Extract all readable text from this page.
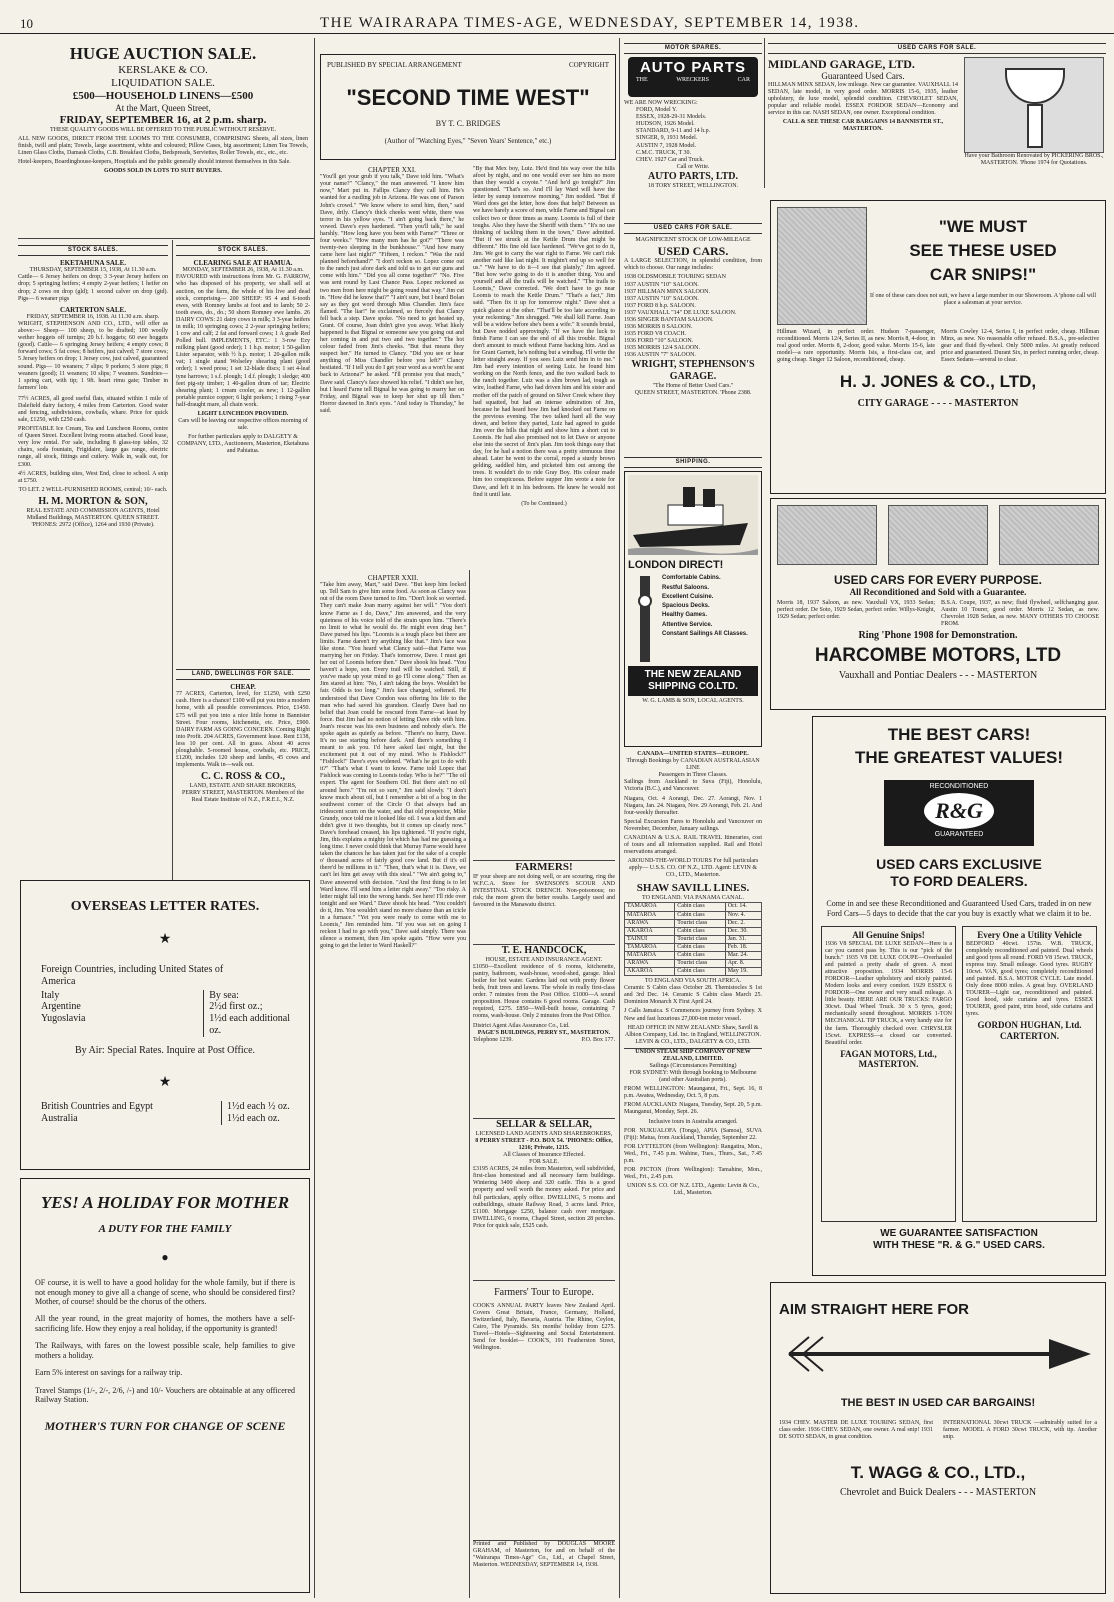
10	THE WAIRARAPA TIMES-AGE, WEDNESDAY, SEPTEMBER 14, 1938.
HUGE AUCTION SALE.
KERSLAKE & CO.
LIQUIDATION SALE.
£500—HOUSEHOLD LINENS—£500
At the Mart, Queen Street,
FRIDAY, SEPTEMBER 16, at 2 p.m. sharp.
THESE QUALITY GOODS WILL BE OFFERED TO THE PUBLIC WITHOUT RESERVE.

ALL NEW GOODS, DIRECT FROM THE LOOMS TO THE CONSUMER, COMPRISING Sheets, all sizes, linen finish, twill and plain; Towels, large assortment, white and coloured; Pillow Cases, big assortment; Linen Tea Towels, Linen Glass Cloths, Damask Cloths, C.B. Breakfast Cloths, Bedspreads, Serviettes, Roller Towels, etc., etc., etc.

Hotel-keepers, Boardinghouse-keepers, Hospitals and the public generally should interest themselves in this Sale.

GOODS SOLD IN LOTS TO SUIT BUYERS.
STOCK SALES.
EKETAHUNA SALE.
THURSDAY, SEPTEMBER 15, 1938, At 11.30 a.m.

Cattle— 6 Jersey heifers on drop; 3 3-year Jersey heifers on drop; 5 springing heifers; 4 empty 2-year heifers; 1 heifer on drop; 2 cows on drop (gld); 1 second calver on drop (gtd). Pigs— 6 weaner pigs

CARTERTON SALE.
FRIDAY, SEPTEMBER 16, 1938. At 11.30 a.m. sharp.

WRIGHT, STEPHENSON AND CO., LTD., will offer as above:— Sheep— 100 sheep, to be drafted; 100 woolly wether hoggets off turnips; 20 b.f. hoggets; 60 ewe hoggets (good). Cattle— 6 springing Jersey heifers; 4 empty cows; 8 forward cows; 5 fat cows; 8 heifers, just calved; 7 store cows; 5 Jersey heifers on drop; 1 Jersey cow, just calved, guaranteed sound. Pigs— 10 weaners; 7 slips; 9 porkers; 5 store pigs; 8 weaners (good); 11 weaners; 10 slips; 7 weaners. Sundries— 1 spring cart, with tip; 1 9ft. heart rimu gate; Timber in farmers' lots

77½ ACRES, all good useful flats, situated within 1 mile of Dalefield dairy factory, 4 miles from Carterton. Good water and fencing, subdivisions, cowbails, whare. Price for quick sale, £1250, with £250 cash.

PROFITABLE Ice Cream, Tea and Luncheon Rooms, centre of Queen Street. Excellent living rooms attached. Good lease, very low rental. For sale, including 8 glass-top tables, 32 chairs, soda fountain, Frigidaire, large gas range, electric range, all stock, fittings and cutlery. Walk in, walk out, for £300.

4½ ACRES, building sites, West End, close to school. A snip at £750.

TO LET. 2 WELL-FURNISHED ROOMS, central; 10/- each.

H. M. MORTON & SON,
REAL ESTATE AND COMMISSION AGENTS, Hotel Midland Buildings, MASTERTON. QUEEN STREET.
'PHONES: 2972 (Office), 1264 and 1930 (Private).
STOCK SALES.
CLEARING SALE AT HAMUA.
MONDAY, SEPTEMBER 26, 1938, At 11.30 a.m.

FAVOURED with instructions from Mr. G. FARROW, who has disposed of his property, we shall sell at auction, on the farm, the whole of his live and dead stock, comprising— 200 SHEEP: 95 4 and 6-tooth ewes, with Romney lambs at foot and to lamb; 50 2-tooth ewes, do., do.; 50 shorn Romney ewe lambs. 26 DAIRY COWS: 21 dairy cows in milk; 3 3-year heifers in milk; 10 springing cows; 2 2-year springing heifers; 1 cow and calf; 2 fat and forward cows; 1 A grade Red Polled bull. IMPLEMENTS, ETC.: 1 3-row Ezy milking plant (good order); 1 1 h.p. motor; 1 50-gallon Lister separator, with ½ h.p. motor; 1 20-gallon milk vat; 1 single stand Wolseley shearing plant (good order); 1 weed press; 1 set 12-blade discs; 1 set 4-leaf tyne harrows; 1 s.f. plough; 1 d.f. plough; 1 sledge; 400 feet pig-sty timber; 1 40-gallon drum of tar; Electric shearing plant; 1 cream cooler, as new; 1 12-gallon portable pumice copper; 6 light porkers; 1 rising 7-year half-draught mare, all chain work.

LIGHT LUNCHEON PROVIDED.

Cars will be leaving our respective offices morning of sale.

For further particulars apply to DALGETY & COMPANY, LTD., Auctioneers, Masterton, Eketahuna and Pahiatua.

LAND, DWELLINGS FOR SALE.
CHEAP.

77 ACRES, Carterton, level, for £1250, with £250 cash. Here is a chance! £100 will put you into a modern home, with all possible conveniences. Price, £1450. £75 will put you into a nice little home in Bannister Street. Four rooms, kitchenette, etc. Price, £900. DAIRY FARM AS GOING CONCERN. Coming Right into Profit. 204 ACRES, Government lease. Rent £138, less 10 per cent. All in grass. About 40 acres ploughable. 5-roomed house, cowbails, etc. PRICE, £1200, includes 120 sheep and lambs, 45 cows and implements. Walk in—walk out.

C. C. ROSS & CO.,
LAND, ESTATE AND SHARE BROKERS,
PERRY STREET, MASTERTON. Members of the Real Estate Institute of N.Z., F.R.E.I., N.Z.
OVERSEAS LETTER RATES.
★
Foreign Countries, including United States of America
Italy
Argentine
Yugoslavia
By sea:
2½d first oz.;
1½d each additional oz.
By Air: Special Rates. Inquire at Post Office.
★
British Countries and Egypt
Australia
1½d each ½ oz.
1½d each oz.
YES! A HOLIDAY FOR MOTHER
A DUTY FOR THE FAMILY
●

OF course, it is well to have a good holiday for the whole family, but if there is not enough money to give all a change of scene, who should be considered first? Mother, of course! should be the chorus of the others.

All the year round, in the great majority of homes, the mothers have a self-sacrificing life. How they enjoy a real holiday, if the opportunity is granted!

The Railways, with fares on the lowest possible scale, help families to give mothers a holiday.

Earn 5% interest on savings for a railway trip.

Travel Stamps (1/-, 2/-, 2/6, /-) and 10/- Vouchers are obtainable at any officered Railway Station.

MOTHER'S TURN FOR CHANGE OF SCENE
PUBLISHED BY SPECIAL ARRANGEMENT	COPYRIGHT
"SECOND TIME WEST"
BY T. C. BRIDGES
(Author of "Watching Eyes," "Seven Years' Sentence," etc.)
CHAPTER XXI.

"You'll get your grub if you talk," Dave told him. "What's your name?" "Clancy," the man answered. "I know him now," Mart put in. Fallips Clancy they call him. He's wanted for a rustling job in Arizona. He was one of Parson John's crowd." "We know where to send him, then," said Dave, drily. Clancy's thick cheeks went white, there was terror in his yellow eyes. "I ain't going back there," he vowed. Dave's eyes hardened. "Then you'll talk," he said harshly. "How long have you been with Farne?" "Three or four weeks." "How many men has he got?" "There was twenty-two sleeping in the bunkhouse." "And how many came here last night?" "Fifteen, I reckon." "Was the raid planned beforehand?" "I don't reckon so. Lopez come out to the ranch just afore dark and told us to get our guns and come with him." "Did you all come together?" "No. Five was sent round by Last Chance Pass. Lopez reckoned as two men from here might be going round that way." Jim cut in. "How did he know that?" "I ain't sure, but I heard Bolan say as they got word through Miss Chandler. Jim's face flamed. "The liar!" he exclaimed, so fiercely that Clancy fell back a step. Dave spoke. "No need to get heated up, Grant. Of course, Joan didn't give you away. What likely happened is that Bignal or someone saw you going out and her coming in and put two and two together." The hot colour faded from Jim's cheeks. "But that means they suspect her." He turned to Clancy. "Did you see or hear anything of Miss Chandler before you left?" Clancy hesitated. "If I tell you do I get your word as a won't be sent back to Arizona?" he asked. "I'll promise you that much," Dave said. Clancy's face showed his relief. "I didn't see her, but I heard Farne tell Bignal he was going to marry her on Friday, and Bignal was to keep her shut up till then." Horror dawned in Jim's eyes. "And today is Thursday," he said.

CHAPTER XXII.

"Take him away, Mart," said Dave. "But keep him locked up. Tell Sam to give him some food. As soon as Clancy was out of the room Dave turned to Jim. "Don't look so worried. They can't make Joan marry against her will." "You don't know Farne as I do, Dave," Jim answered, and the very quietness of his voice told of the strain upon him. "There's no limit to what he would do. He might even drug her." Dave pursed his lips. "Loomis is a tough place but there are limits. Farne daren't try anything like that." Jim's face was like stone. "You heard what Clancy said—that Farne was marrying her on Friday. That's tomorrow, Dave. I must get her out of Loomis before then." Dave shook his head. "You haven't a hope, son. Every trail will be watched. Still, if you've made up your mind to go I'll come along." Then as Jim stared at him: "No, I ain't taking the boys. Wouldn't be fair. Odds is too long." Jim's face changed, softened. He understood that Dave Condon was offering his life to the man who had saved his grandson. Clearly Dave had no belief that Joan could be rescued from Farne—at least by force. But Jim had no notion of letting Dave ride with him. Joan's rescue was his own business and nobody else's. He spoke again as quietly as before. "There's no hurry, Dave. It's no use starting before dark. And there's something I meant to ask you. I'd have asked last night, but the excitement put it out of my mind. Who is Fishlock?" "Fishlock!" Dave's eyes widened. "What's he got to do with it?" "That's what I want to know. Farne told Lopez that Fishlock was coming to Loomis today. Who is he?" "The oil expert. The agent for Southern Oil. But there ain't no oil around here." "I'm not so sure," Jim said slowly. "I don't know much about oil, but I remember a bit of a bog in the southwest corner of the Circle O that always had an iridescent scum on the water, and that old prospector, Mike Grundy, once told me it looked like oil. I was a kid then and didn't give it two thoughts, but it comes up clearly now." Dave's forehead creased, his lips tightened. "If you're right, Jim, this explains a mighty lot which has had me guessing a long time. I never could think that Murray Farne would have taken the chances he has taken just for the sake of a couple o' thousand acres of fairly good cow land. But if it's oil there'd be millions in it." "Then, that's what it is. Dave, we can't let him get away with this steal." "We ain't going to," Dave answered with decision. "And the first thing is to let Ward know. I'll send him a letter right away." "Too risky. A letter might fall into the wrong hands. See here! I'll ride over tonight and see Ward." Dave shook his head. "You couldn't do it, Jim. You wouldn't stand no more chance than an icicle in a furnace." "Yet you were ready to come with me to Loomis," Jim reminded him. "If you was set on going I reckon I had to go with you," Dave said simply. There was silence a moment, then Jim spoke again. "How were you going to get the letter to Ward Haskell?"

"By that Mex boy, Luiz. He'd find his way over the hills afoot by night, and no one would ever see him no more than they would a coyote." "And he'd go tonight?" Jim questioned. "That's so. And I'll lay Ward will have the letter by sunup tomorrow morning," Jim nodded. "But if Ward does get the letter, how does that help? Between us we have barely a score of men, while Farne and Bignal can collect two or three times as many. Loomis is full of their toughs. Also they have the Sheriff with them." "It's no use thinking of tackling them in the town," Dave admitted. "But if we struck at the Kettle Drum that might be different." His fine old face hardened. "We've got to do it, Jim. We got to carry the war right to Farne. We can't risk another raid like last night. It mightn't end up so well for us." "We have to do it—I see that plainly," Jim agreed. "But how we're going to do it is another thing. You and yourself and all the trails will be watched." "The trails to Loomis," Dave corrected. "We don't have to go near Loomis to reach the Kettle Drum." "That's a fact," Jim said. "Then fix it up for tomorrow night." Dave shot a quick glance at the other. "That'll be too late according to your reckoning." Jim shrugged. "We shall kill Farne. Joan will be a widow before she's been a wife." It sounds brutal, but Dave nodded approvingly. "If we have the luck to finish Farne I can see the end of all this trouble. Bignal don't amount to much without Farne backing him. And as for Grant Garnett, he's nothing but a windbag. I'll write the letter straight away. If you sees Luiz send him in to me." Jim had every intention of seeing Luiz. he found him working on the North fence, and the two walked back to the ranch together. Luiz was a slim brown lad, tough as wire, loathed Farne, who had driven him and his sister and mother off the patch of ground on Silver Creek where they had squatted, but had an intense admiration of Jim, because he had heard how Jim had knocked out Farne on the previous evening. The two talked hard all the way down, and before they parted, Luiz had agreed to guide Jim over the hills that night and show him a short cut to Loomis. He had also promised not to let Dave or anyone else into the secret of Jim's plan. Jim took things easy that day, for he had a notion there was a pretty strenuous time ahead. Later he went to the corral, roped a sturdy brown gelding, saddled him, and picketed him out among the trees. It wouldn't do to ride Gray Boy. His colour made him too conspicuous. Before supper Jim wrote a note for Dave, and left it in his bedroom. He knew he would not find it until late.

(To be Continued.)
FARMERS!

IF your sheep are not doing well, or are scouring, ring the W.F.C.A. Store for SWENSON'S SCOUR AND INTESTINAL STOCK DRENCH. Non-poisonous; no risk; the more given the better results. Largely used and favoured in the Manawatu district.

T. E. HANDCOCK,
HOUSE, ESTATE AND INSURANCE AGENT.

£1050—Excellent residence of 6 rooms, kitchenette, pantry, bathroom, wash-house, wood-shed, garage. Ideal boiler for hot water. Gardens laid out with pretty flower beds, fruit trees and lawns. The whole in really first-class order. 7 minutes from the Post Office. £1000—A sound proposition. House contains 6 good rooms. Garage. Cash required, £275. £850—Well-built house, containing 7 rooms, wash-house. Only 2 minutes from the Post Office.

District Agent Atlas Assurance Co., Ltd.
PAGE'S BUILDINGS, PERRY ST., MASTERTON.
Telephone 1239.	P.O. Box 177.
SELLAR & SELLAR,
LICENSED LAND AGENTS AND SHAREBROKERS,
8 PERRY STREET - P.O. BOX 54. 'PHONES: Office, 1216; Private, 1215.
All Classes of Insurance Effected.
FOR SALE.

£3195 ACRES, 24 miles from Masterton, well subdivided, first-class homestead and all necessary farm buildings. Wintering 3400 sheep and 320 cattle. This is a good property and well worth the money asked. For price and full particulars, apply office. DWELLING, 5 rooms and outbuildings, situate Railway Road, 3 acres land. Price, £1100. Mortgage £250, balance cash over mortgage. DWELLING, 6 rooms, Chapel Street, section 28 perches. Price for quick sale, £525 cash.

Farmers' Tour to Europe.

COOK'S ANNUAL PARTY leaves New Zealand April. Covers Great Britain, France, Germany, Holland, Switzerland, Italy, Bavaria, Austria. The Rhine, Ceylon, Cairo, The Pyramids. Six months' holiday from £275. Travel—Hotels—Sightseeing and Social Entertainment. Send for booklet— COOK'S, 191 Featherston Street, Wellington.

Printed and Published by DOUGLAS MOORE GRAHAM, of Masterton, for and on behalf of the "Wairarapa Times-Age" Co., Ltd., at Chapel Street, Masterton. WEDNESDAY, SEPTEMBER 14, 1938.

MOTOR SPARES.
AUTO PARTS
THE	WRECKERS	CAR
WE ARE NOW WRECKING:
FORD, Model Y.
ESSEX, 1928-29-31 Models.
HUDSON, 1926 Model.
STANDARD, 9-11 and 14 h.p.
SINGER, 9, 1931 Model.
AUSTIN 7, 1928 Model.
C.M.C. TRUCK, T 30.
CHEV. 1927 Car and Truck.
Call or Write.
AUTO PARTS, LTD.
18 TORY STREET, WELLINGTON.
USED CARS FOR SALE.
MAGNIFICENT STOCK OF LOW-MILEAGE
USED CARS.

A LARGE SELECTION, in splendid condition, from which to choose. Our range includes:

1938 OLDSMOBILE TOURING SEDAN
1937 AUSTIN "10" SALOON.
1937 HILLMAN MINX SALOON.
1937 AUSTIN "10" SALOON.
1937 FORD 8 h.p. SALOON.
1937 VAUXHALL "14" DE LUXE SALOON.
1936 SINGER BANTAM SALOON.
1936 MORRIS 8 SALOON.
1935 FORD V8 COACH.
1936 FORD "10" SALOON.
1935 MORRIS 12/4 SALOON.
1936 AUSTIN "7" SALOON.
WRIGHT, STEPHENSON'S GARAGE.
"The Home of Better Used Cars."
QUEEN STREET, MASTERTON. 'Phone 2388.
SHIPPING.
LONDON DIRECT!
Comfortable Cabins.
Restful Saloons.
Excellent Cuisine.
Spacious Decks.
Healthy Games.
Attentive Service.
Constant Sailings All Classes.
THE NEW ZEALAND SHIPPING CO.LTD.
W. G. LAMB & SON, LOCAL AGENTS.
CANADA—UNITED STATES—EUROPE.
Through Bookings by CANADIAN AUSTRALASIAN LINE
Passengers in Three Classes.

Sailings from Auckland to Suva (Fiji), Honolulu, Victoria (B.C.), and Vancouver.

Niagara, Oct. 4 Aorangi, Dec. 27. Aorangi, Nov. 1 Niagara, Jan. 24. Niagara, Nov. 29 Aorangi, Feb. 21. And four-weekly thereafter.

Special Excursion Fares to Honolulu and Vancouver on November, December, January sailings.

CANADIAN & U.S.A. RAIL TRAVEL Itineraries, cost of tours and all information supplied. Rail and Hotel reservations arranged.

AROUND-THE-WORLD TOURS For full particulars apply— U.S.S. CO. OF N.Z., LTD. Agent: LEVIN & CO., LTD., Masterton.

SHAW SAVILL LINES.
TO ENGLAND. VIA PANAMA CANAL.
TAMAROA	Cabin class	Oct. 14.
MATAROA	Cabin class	Nov. 4.
ARAWA	Tourist class	Dec. 2.
AKAROA	Cabin class	Dec. 30.
TAINUI	Tourist class	Jan. 31.
TAMAROA	Cabin class	Feb. 18.
MATAROA	Cabin class	Mar. 24.
ARAWA	Tourist class	Apr. 8.
AKAROA	Cabin class	May 19.
TO ENGLAND VIA SOUTH AFRICA.

Ceramic S Cabin class October 28. Themistocles S 1st and 3rd Dec. 14. Ceramic S Cabin class March 25. Dominion Monarch X First April 24.

J Calls Jamaica. S Commences journey from Sydney. X New and fast luxurious 27,000-ton motor vessel.

HEAD OFFICE IN NEW ZEALAND: Shaw, Savill & Albion Company, Ltd. Inc. in England, WELLINGTON. LEVIN & CO., LTD., DALGETY & CO., LTD.

UNION STEAM SHIP COMPANY OF NEW ZEALAND, LIMITED.
Sailings (Circumstances Permitting)

FOR SYDNEY: With through booking to Melbourne (and other Australian ports).

FROM WELLINGTON: Maunganui, Fri., Sept. 16, 8 p.m. Awatea, Wednesday, Oct. 5, 8 p.m.

FROM AUCKLAND: Niagara, Tuesday, Sept. 20, 5 p.m. Maunganui, Monday, Sept. 26.

Inclusive tours in Australia arranged.

FOR NUKUALOFA (Tonga), APIA (Samoa), SUVA (Fiji): Matua, from Auckland, Thursday, September 22.

FOR LYTTELTON (from Wellington): Rangatira, Mon., Wed., Fri., 7.45 p.m. Wahine, Tues., Thurs., Sat., 7.45 p.m.

FOR PICTON (from Wellington): Tamahine, Mon., Wed., Fri., 2.45 p.m.

UNION S.S. CO. OF N.Z. LTD., Agents: Levin & Co., Ltd., Masterton.

USED CARS FOR SALE.
MIDLAND GARAGE, LTD.
Guaranteed Used Cars.

HILLMAN MINX SEDAN, low mileage. New car guarantee. VAUXHALL 14 SEDAN, late model, in very good order. MORRIS 15-6, 1935, leather upholstery, de luxe model, splendid condition. CHEVROLET SEDAN, popular and reliable model. ESSEX FORDOR SEDAN—Economy and service in this car. NASH SEDAN, one owner. Exceptional condition.

CALL & SEE THESE CAR BARGAINS 14 BANNISTER ST., MASTERTON.

Have your Bathroom Renovated by PICKERING BROS., MASTERTON. 'Phone 1974 for Quotations.

"WE MUST
SEE THESE USED
CAR SNIPS!"

If one of these cars does not suit, we have a large number in our Showroom. A 'phone call will place a salesman at your service.

Hillman Wizard, in perfect order. Hudson 7-passenger, reconditioned. Morris 12/4, Series II, as new. Morris 8, 4-door, in real good order. Morris 8, 2-door, good value. Morris 15-6, late model—a rare opportunity. Morris Isis, a first-class car, and going cheap. Singer 12 Saloon, reconditioned, cheap.

Morris Cowley 12-4, Series I, in perfect order, cheap. Hillman Minx, as new. No reasonable offer refused. B.S.A., pre-selective gear and fluid fly-wheel. Only 5000 miles. At greatly reduced price and guaranteed. Durant Six, in perfect running order, cheap. Essex Sedans—several to clear.

H. J. JONES & CO., LTD,
CITY GARAGE - - - - MASTERTON
USED CARS FOR EVERY PURPOSE.
All Reconditioned and Sold with a Guarantee.

Morris 18, 1937 Saloon, as new. Vauxhall VX, 1933 Sedan; perfect order. De Soto, 1929 Sedan, perfect order. Willys-Knight, 1929 Sedan; perfect order.

B.S.A. Coupe, 1937, as new; fluid flywheel, selfchanging gear. Austin 10 Tourer, good order. Morris 12 Sedan, as new. Chevrolet 1928 Sedan, as new. MANY OTHERS TO CHOOSE FROM.

Ring 'Phone 1908 for Demonstration.
HARCOMBE MOTORS, LTD
Vauxhall and Pontiac Dealers - - - MASTERTON
THE BEST CARS!
THE GREATEST VALUES!
RECONDITIONED
R&G
GUARANTEED
USED CARS EXCLUSIVE
TO FORD DEALERS.

Come in and see these Reconditioned and Guaranteed Used Cars, traded in on new Ford Cars—5 days to decide that the car you buy is exactly what we claim it to be.

All Genuine Snips!

1936 V8 SPECIAL DE LUXE SEDAN—Here is a car you cannot pass by. This is our "pick of the bunch." 1935 V8 DE LUXE COUPE—Overhauled and painted a pretty shade of green. A most attractive proposition. 1934 MORRIS 15-6 FORDOR—Leather upholstery and nicely painted. Modern looks and every comfort. 1929 ESSEX 6 FORDOR—One owner and very small mileage. A little beauty. HERE ARE OUR TRUCKS: FARGO 30cwt. Dual Wheel Truck. 30 x 5 tyres, good; mechanically sound throughout. MORRIS 1-TON MECHANICAL TIP TRUCK, a very handy size for the farm. Thoroughly checked over. CHRYSLER 15cwt. EXPRESS—a closed car converted. Beautiful order.

FAGAN MOTORS, Ltd.,
MASTERTON.
Every One a Utility Vehicle

BEDFORD 40cwt. 157in. W.B. TRUCK, completely reconditioned and painted. Dual wheels and good tyres all round. FORD V8 15cwt. TRUCK, express tray. Small mileage. Good tyres. RUGBY 10cwt. VAN, good tyres; completely reconditioned and painted. B.S.A. MOTOR CYCLE. Late model. Only done 8000 miles. A great buy. OVERLAND TOURER—Light car, reconditioned and painted. Good hood, side curtains and tyres. ESSEX TOURER, good paint, trim hood, side curtains and tyres.

GORDON HUGHAN, Ltd.
CARTERTON.
WE GUARANTEE SATISFACTION
WITH THESE "R. & G." USED CARS.
AIM STRAIGHT HERE FOR
THE BEST IN USED CAR BARGAINS!

1934 CHEV. MASTER DE LUXE TOURING SEDAN, first class order. 1936 CHEV. SEDAN, one owner. A real snip! 1931 DE SOTO SEDAN, in great condition.

INTERNATIONAL 30cwt TRUCK —admirably suited for a farmer. MODEL A FORD 30cwt TRUCK, with tip. Another snip.

T. WAGG & CO., LTD.,
Chevrolet and Buick Dealers - - - MASTERTON
